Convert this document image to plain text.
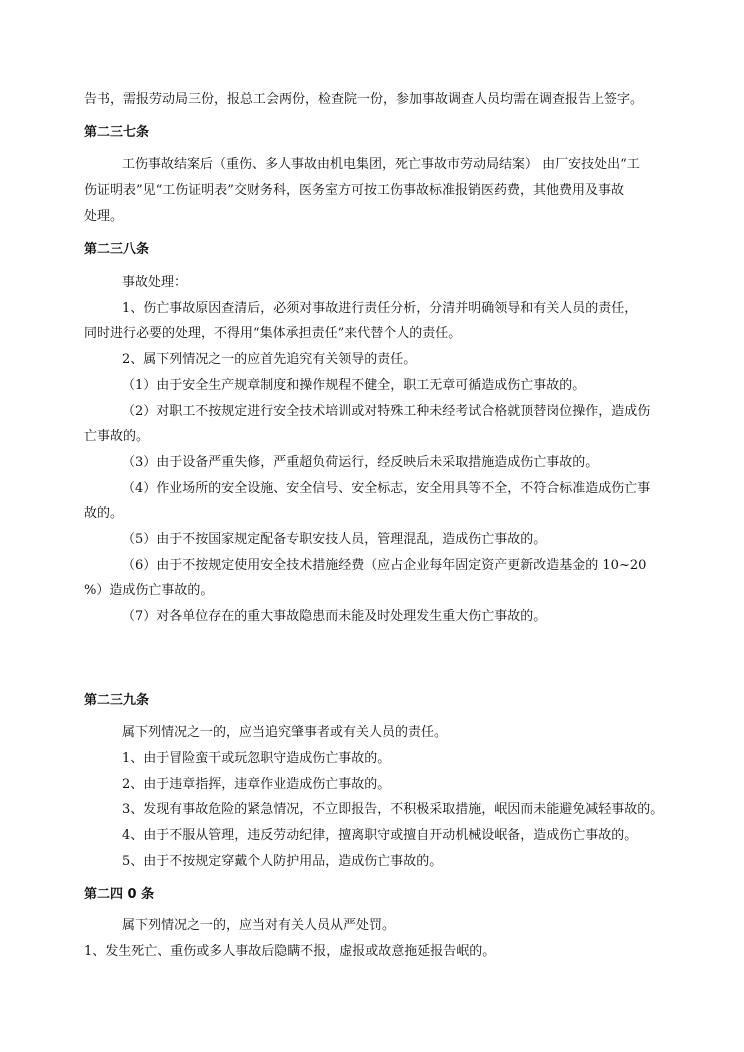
告书，需报劳动局三份，报总工会两份，检查院一份，参加事故调查人员均需在调查报告上签字。
第二三七条
工伤事故结案后（重伤、多人事故由机电集团，死亡事故市劳动局结案） 由厂安技处出“工
伤证明表”见“工伤证明表”交财务科，医务室方可按工伤事故标准报销医药费，其他费用及事故
处理。
第二三八条
事故处理：
1、伤亡事故原因查清后，必须对事故进行责任分析，分清并明确领导和有关人员的责任，
同时进行必要的处理，不得用“集体承担责任”来代替个人的责任。
2、属下列情况之一的应首先追究有关领导的责任。
（1）由于安全生产规章制度和操作规程不健全，职工无章可循造成伤亡事故的。
（2）对职工不按规定进行安全技术培训或对特殊工种未经考试合格就顶替岗位操作，造成伤
亡事故的。
（3）由于设备严重失修，严重超负荷运行，经反映后未采取措施造成伤亡事故的。
（4）作业场所的安全设施、安全信号、安全标志，安全用具等不全，不符合标准造成伤亡事
故的。
（5）由于不按国家规定配备专职安技人员，管理混乱，造成伤亡事故的。
（6）由于不按规定使用安全技术措施经费（应占企业每年固定资产更新改造基金的 10~20
%）造成伤亡事故的。
（7）对各单位存在的重大事故隐患而未能及时处理发生重大伤亡事故的。
第二三九条
属下列情况之一的，应当追究肇事者或有关人员的责任。
1、由于冒险蛮干或玩忽职守造成伤亡事故的。
2、由于违章指挥，违章作业造成伤亡事故的。
3、发现有事故危险的紧急情况，不立即报告，不积极采取措施，岷因而未能避免减轻事故的。
4、由于不服从管理，违反劳动纪律，擅离职守或擅自开动机械设岷备，造成伤亡事故的。
5、由于不按规定穿戴个人防护用品，造成伤亡事故的。
第二四 0 条
属下列情况之一的，应当对有关人员从严处罚。
1、发生死亡、重伤或多人事故后隐瞒不报，虚报或故意拖延报告岷的。
